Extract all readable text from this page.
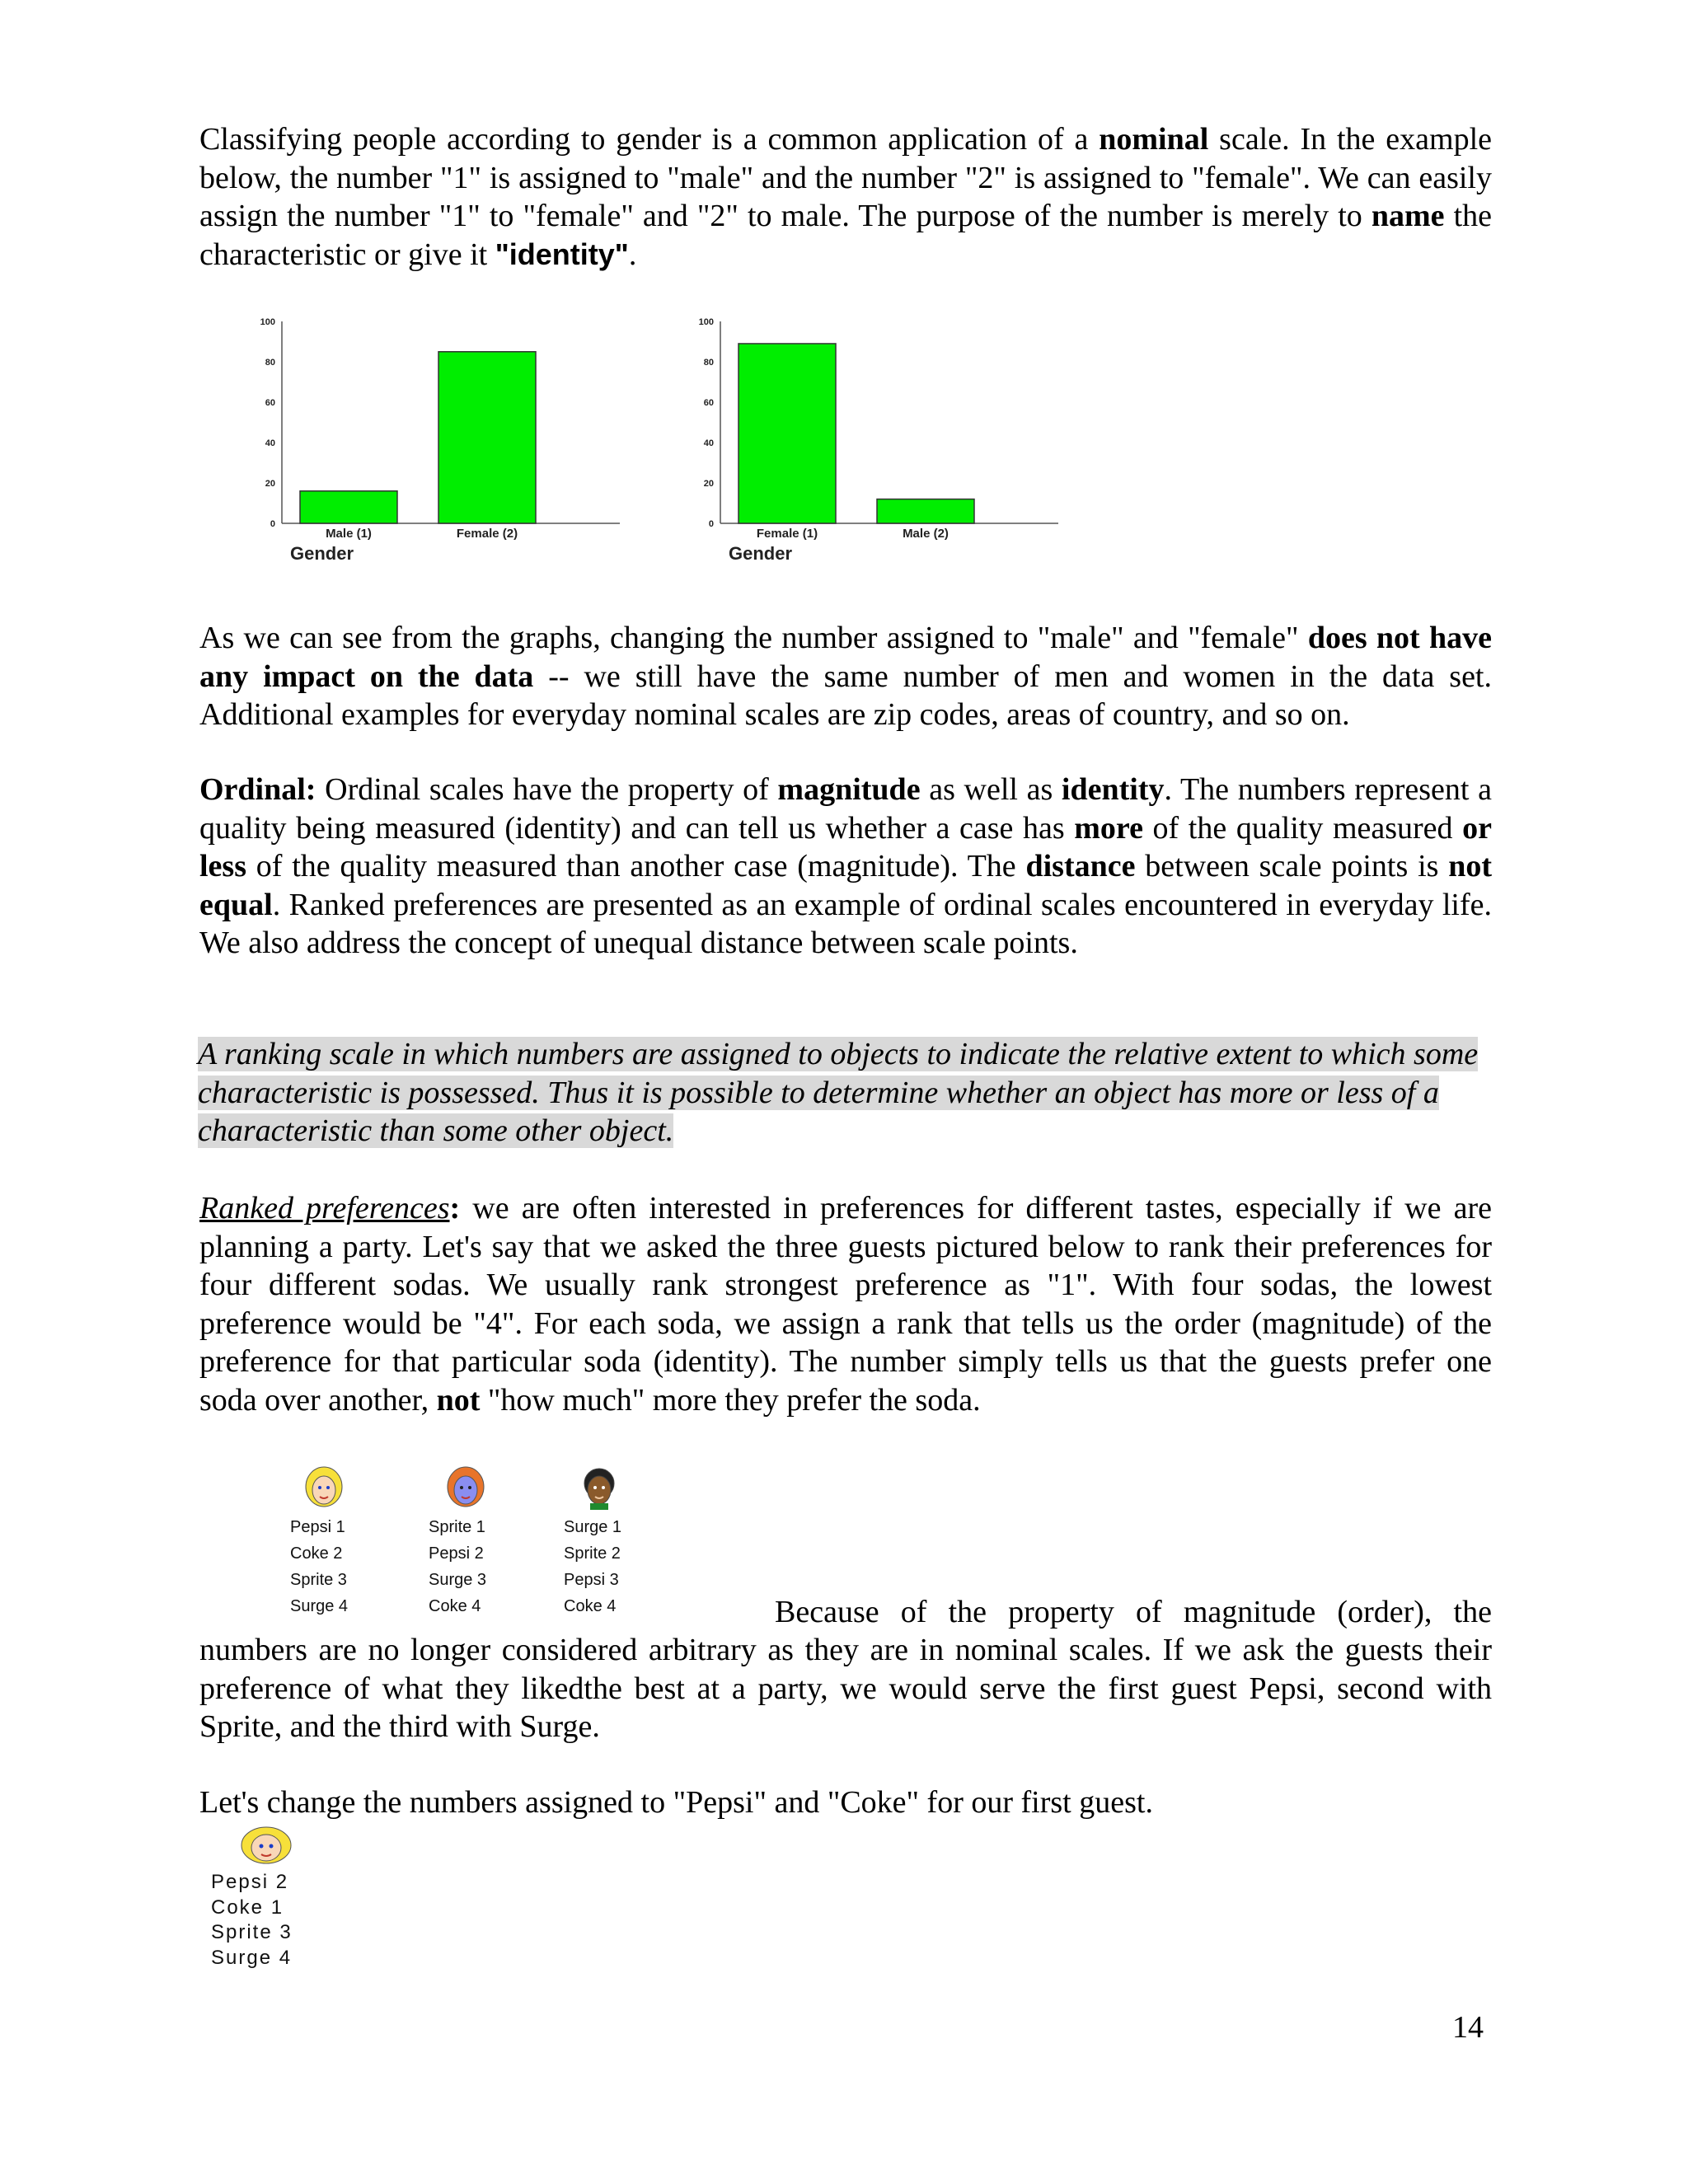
Classifying people according to gender is a common application of a nominal scale. In the example below, the number "1" is assigned to "male" and the number "2" is assigned to "female". We can easily assign the number "1" to "female" and "2" to male. The purpose of the number is merely to name the characteristic or give it "identity".

100
80
60
40
20
0
Male (1)	Female (2)
Gender
100
80
60
40
20
0
Female (1)	Male (2)
Gender

As we can see from the graphs, changing the number assigned to "male" and "female" does not have any impact on the data -- we still have the same number of men and women in the data set. Additional examples for everyday nominal scales are zip codes, areas of country, and so on.

Ordinal: Ordinal scales have the property of magnitude as well as identity. The numbers represent a quality being measured (identity) and can tell us whether a case has more of the quality measured or less of the quality measured than another case (magnitude). The distance between scale points is not equal. Ranked preferences are presented as an example of ordinal scales encountered in everyday life. We also address the concept of unequal distance between scale points.

A ranking scale in which numbers are assigned to objects to indicate the relative extent to which some characteristic is possessed. Thus it is possible to determine whether an object has more or less of a characteristic than some other object.

Ranked preferences: we are often interested in preferences for different tastes, especially if we are planning a party. Let's say that we asked the three guests pictured below to rank their preferences for four different sodas. We usually rank strongest preference as "1". With four sodas, the lowest preference would be "4". For each soda, we assign a rank that tells us the order (magnitude) of the preference for that particular soda (identity). The number simply tells us that the guests prefer one soda over another, not "how much" more they prefer the soda.

Pepsi 1
Coke 2
Sprite 3
Surge 4
Sprite 1
Pepsi 2
Surge 3
Coke 4
Surge 1
Sprite 2
Pepsi 3
Coke 4	Because of the property of magnitude (order), the

numbers are no longer considered arbitrary as they are in nominal scales. If we ask the guests their preference of what they likedthe best at a party, we would serve the first guest Pepsi, second with Sprite, and the third with Surge.

Let's change the numbers assigned to "Pepsi" and "Coke" for our first guest.

Pepsi 2
Coke 1
Sprite 3
Surge 4
14
